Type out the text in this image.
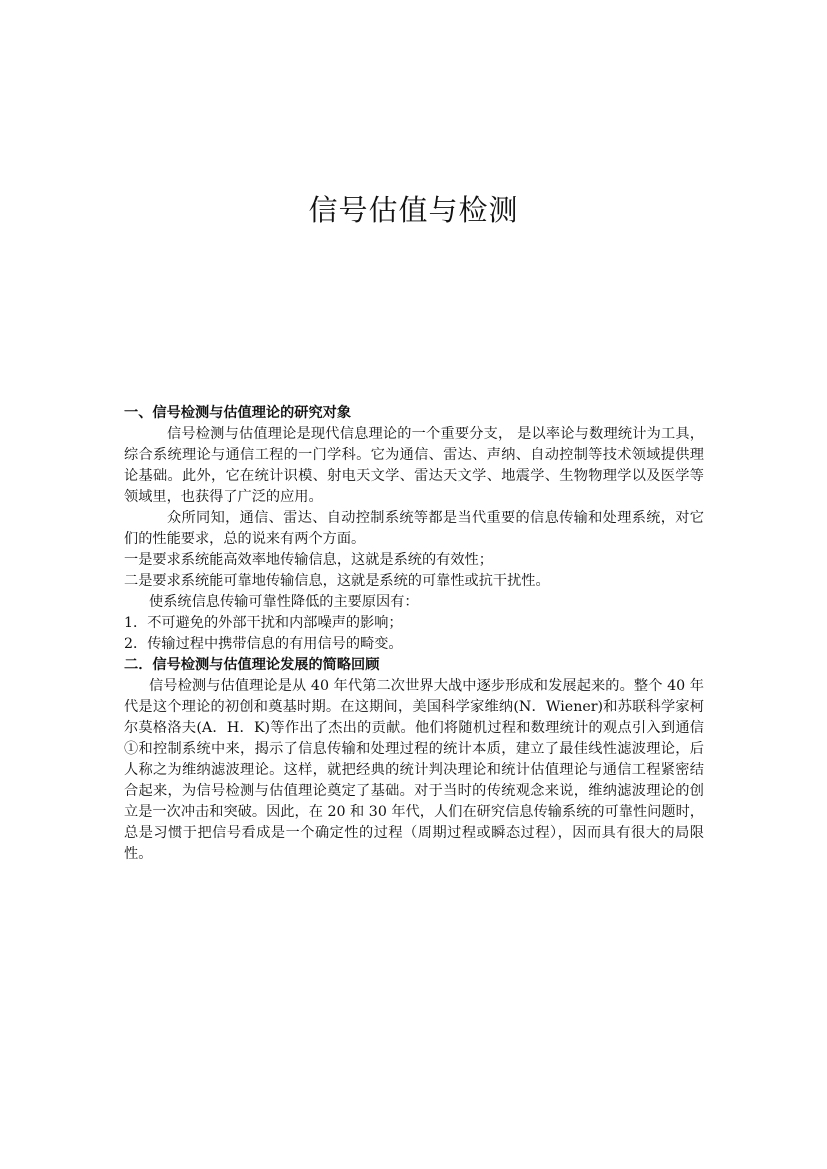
信号估值与检测

一、信号检测与估值理论的研究对象

信号检测与估值理论是现代信息理论的一个重要分支， 是以率论与数理统计为工具，综合系统理论与通信工程的一门学科。它为通信、雷达、声纳、自动控制等技术领域提供理论基础。此外，它在统计识模、射电天文学、雷达天文学、地震学、生物物理学以及医学等领域里，也获得了广泛的应用。

众所同知，通信、雷达、自动控制系统等都是当代重要的信息传输和处理系统，对它们的性能要求，总的说来有两个方面。

一是要求系统能高效率地传输信息，这就是系统的有效性；

二是要求系统能可靠地传输信息，这就是系统的可靠性或抗干扰性。

使系统信息传输可靠性降低的主要原因有：

1．不可避免的外部干扰和内部噪声的影响；

2．传输过程中携带信息的有用信号的畸变。

二．信号检测与估值理论发展的简略回顾

信号检测与估值理论是从 40 年代第二次世界大战中逐步形成和发展起来的。整个 40 年代是这个理论的初创和奠基时期。在这期间，美国科学家维纳(N．Wiener)和苏联科学家柯尔莫格洛夫(A．H．K)等作出了杰出的贡献。他们将随机过程和数理统计的观点引入到通信①和控制系统中来，揭示了信息传输和处理过程的统计本质，建立了最佳线性滤波理论，后人称之为维纳滤波理论。这样，就把经典的统计判决理论和统计估值理论与通信工程紧密结合起来，为信号检测与估值理论奠定了基础。对于当时的传统观念来说，维纳滤波理论的创立是一次冲击和突破。因此，在 20 和 30 年代，人们在研究信息传输系统的可靠性问题时，总是习惯于把信号看成是一个确定性的过程（周期过程或瞬态过程），因而具有很大的局限性。
